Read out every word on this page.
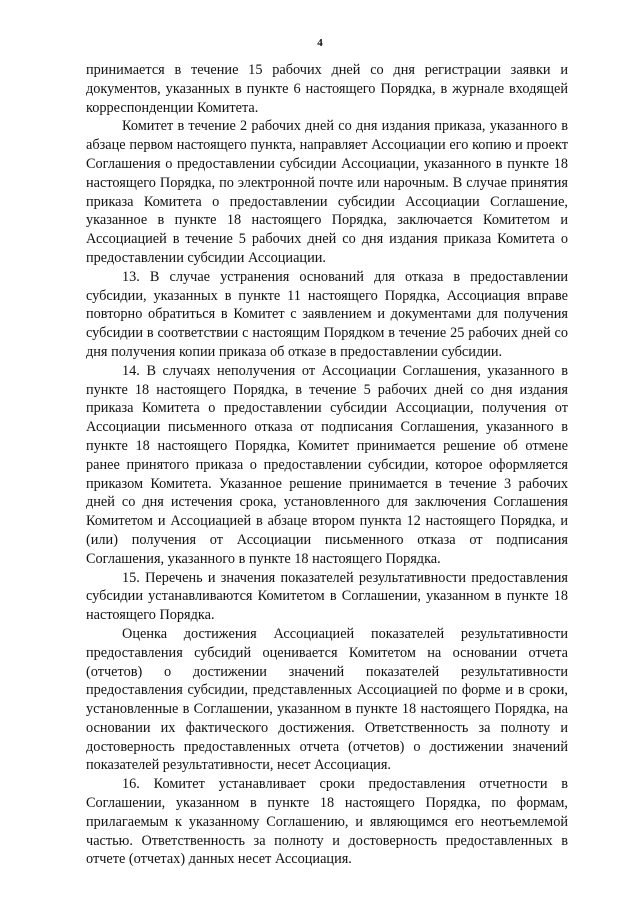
4

принимается в течение 15 рабочих дней со дня регистрации заявки и документов, указанных в пункте 6 настоящего Порядка, в журнале входящей корреспонденции Комитета.

Комитет в течение 2 рабочих дней со дня издания приказа, указанного в абзаце первом настоящего пункта, направляет Ассоциации его копию и проект Соглашения о предоставлении субсидии Ассоциации, указанного в пункте 18 настоящего Порядка, по электронной почте или нарочным. В случае принятия приказа Комитета о предоставлении субсидии Ассоциации Соглашение, указанное в пункте 18 настоящего Порядка, заключается Комитетом и Ассоциацией в течение 5 рабочих дней со дня издания приказа Комитета о предоставлении субсидии Ассоциации.

13. В случае устранения оснований для отказа в предоставлении субсидии, указанных в пункте 11 настоящего Порядка, Ассоциация вправе повторно обратиться в Комитет с заявлением и документами для получения субсидии в соответствии с настоящим Порядком в течение 25 рабочих дней со дня получения копии приказа об отказе в предоставлении субсидии.

14. В случаях неполучения от Ассоциации Соглашения, указанного в пункте 18 настоящего Порядка, в течение 5 рабочих дней со дня издания приказа Комитета о предоставлении субсидии Ассоциации, получения от Ассоциации письменного отказа от подписания Соглашения, указанного в пункте 18 настоящего Порядка, Комитет принимается решение об отмене ранее принятого приказа о предоставлении субсидии, которое оформляется приказом Комитета. Указанное решение принимается в течение 3 рабочих дней со дня истечения срока, установленного для заключения Соглашения Комитетом и Ассоциацией в абзаце втором пункта 12 настоящего Порядка, и (или) получения от Ассоциации письменного отказа от подписания Соглашения, указанного в пункте 18 настоящего Порядка.

15. Перечень и значения показателей результативности предоставления субсидии устанавливаются Комитетом в Соглашении, указанном в пункте 18 настоящего Порядка.

Оценка достижения Ассоциацией показателей результативности предоставления субсидий оценивается Комитетом на основании отчета (отчетов) о достижении значений показателей результативности предоставления субсидии, представленных Ассоциацией по форме и в сроки, установленные в Соглашении, указанном в пункте 18 настоящего Порядка, на основании их фактического достижения. Ответственность за полноту и достоверность предоставленных отчета (отчетов) о достижении значений показателей результативности, несет Ассоциация.

16. Комитет устанавливает сроки предоставления отчетности в Соглашении, указанном в пункте 18 настоящего Порядка, по формам, прилагаемым к указанному Соглашению, и являющимся его неотъемлемой частью. Ответственность за полноту и достоверность предоставленных в отчете (отчетах) данных несет Ассоциация.
